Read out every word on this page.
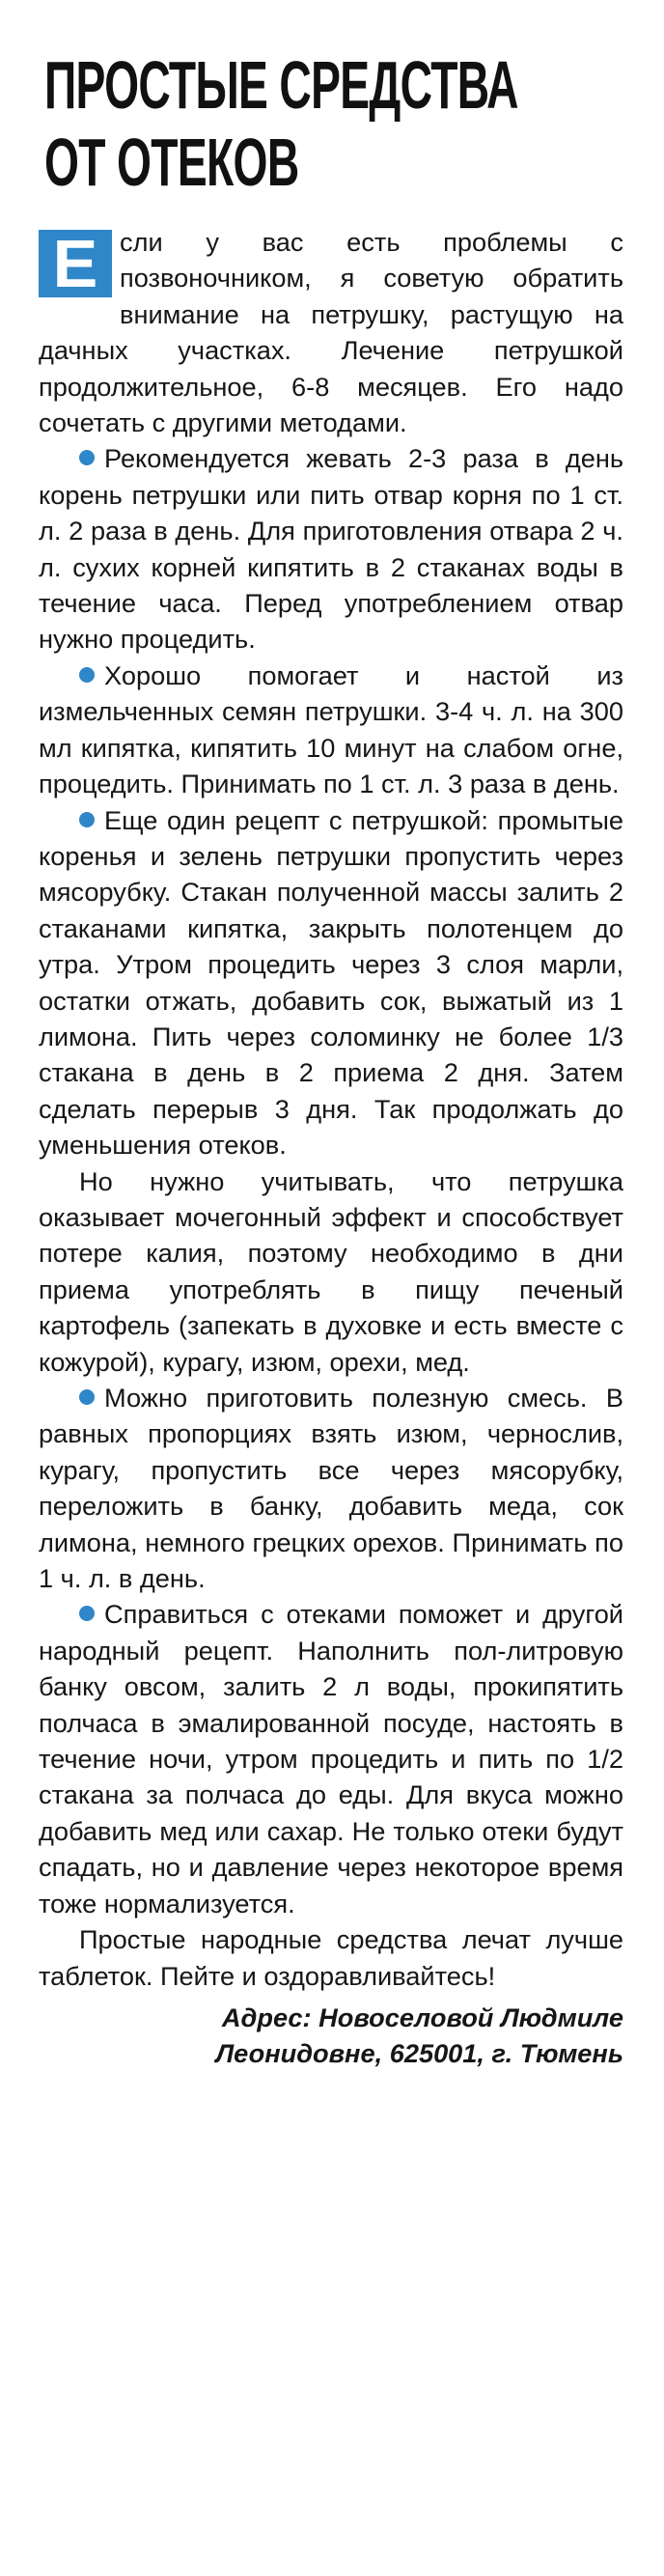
ПРОСТЫЕ СРЕДСТВА
ОТ ОТЕКОВ

Е сли у вас есть проблемы с позвоночником, я советую обратить внимание на петрушку, растущую на дачных участках. Лечение петрушкой продолжительное, 6-8 месяцев. Его надо сочетать с другими методами.

Рекомендуется жевать 2-3 раза в день корень петрушки или пить отвар корня по 1 ст. л. 2 раза в день. Для приготовления отвара 2 ч. л. сухих корней кипятить в 2 стаканах воды в течение часа. Перед употреблением отвар нужно процедить.

Хорошо помогает и настой из измельченных семян петрушки. 3-4 ч. л. на 300 мл кипятка, кипятить 10 минут на слабом огне, процедить. Принимать по 1 ст. л. 3 раза в день.

Еще один рецепт с петрушкой: промытые коренья и зелень петрушки пропустить через мясорубку. Стакан полученной массы залить 2 стаканами кипятка, закрыть полотенцем до утра. Утром процедить через 3 слоя марли, остатки отжать, добавить сок, выжатый из 1 лимона. Пить через соломинку не более 1/3 стакана в день в 2 приема 2 дня. Затем сделать перерыв 3 дня. Так продолжать до уменьшения отеков.

Но нужно учитывать, что петрушка оказывает мочегонный эффект и способствует потере калия, поэтому необходимо в дни приема употреблять в пищу печеный картофель (запекать в духовке и есть вместе с кожурой), курагу, изюм, орехи, мед.

Можно приготовить полезную смесь. В равных пропорциях взять изюм, чернослив, курагу, пропустить все через мясорубку, переложить в банку, добавить меда, сок лимона, немного грецких орехов. Принимать по 1 ч. л. в день.

Справиться с отеками поможет и другой народный рецепт. Наполнить пол-литровую банку овсом, залить 2 л воды, прокипятить полчаса в эмалированной посуде, настоять в течение ночи, утром процедить и пить по 1/2 стакана за полчаса до еды. Для вкуса можно добавить мед или сахар. Не только отеки будут спадать, но и давление через некоторое время тоже нормализуется.

Простые народные средства лечат лучше таблеток. Пейте и оздоравливайтесь!

Адрес: Новоселовой Людмиле
Леонидовне, 625001, г. Тюмень
